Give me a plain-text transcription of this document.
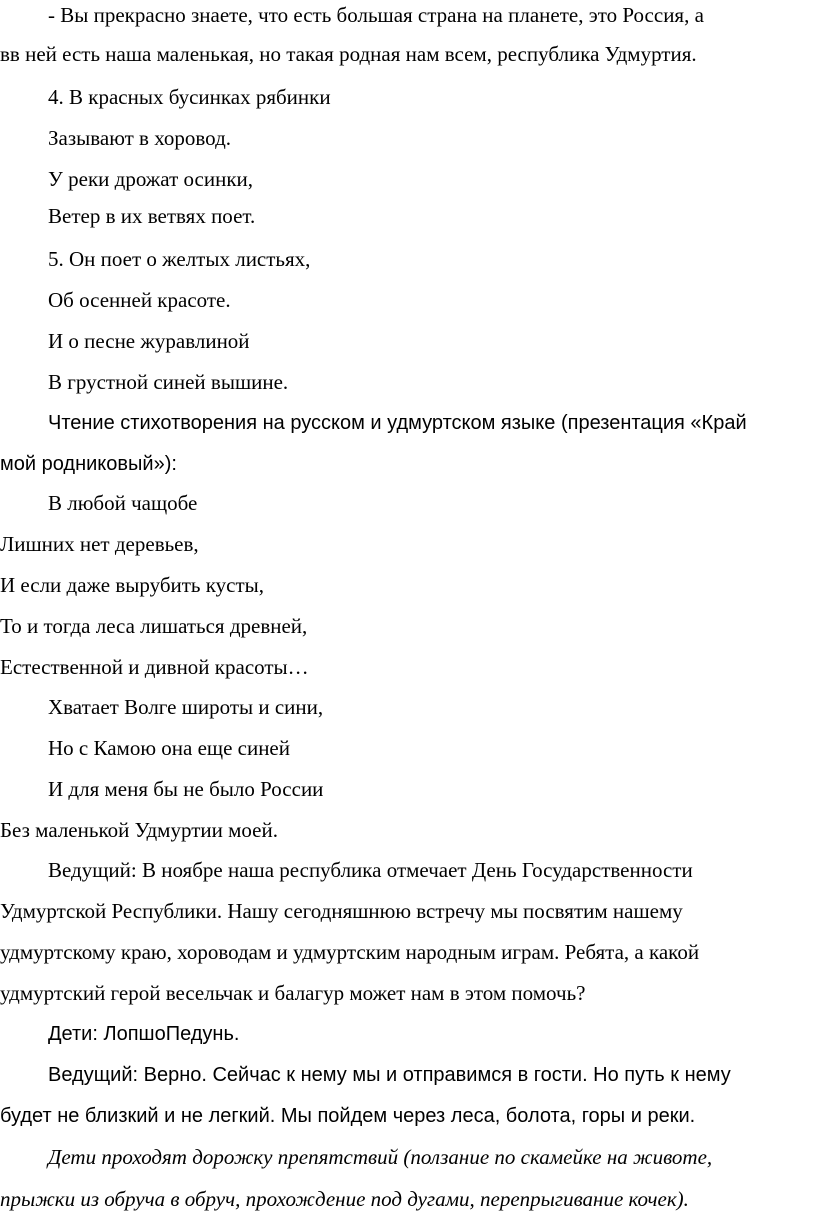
- Вы прекрасно знаете, что есть большая страна на планете, это Россия, а
вв ней есть наша маленькая, но такая родная нам всем, республика Удмуртия.
4. В красных бусинках рябинки
Зазывают в хоровод.
У реки дрожат осинки,
Ветер в их ветвях поет.
5. Он поет о желтых листьях,
Об осенней красоте.
И о песне журавлиной
В грустной синей вышине.
Чтение стихотворения на русском и удмуртском языке (презентация «Край
мой родниковый»):
В любой чащобе
Лишних нет деревьев,
И если даже вырубить кусты,
То и тогда леса лишаться древней,
Естественной и дивной красоты…
Хватает Волге широты и сини,
Но с Камою она еще синей
И для меня бы не было России
Без маленькой Удмуртии моей.
Ведущий: В ноябре наша республика отмечает День Государственности
Удмуртской Республики. Нашу сегодняшнюю встречу мы посвятим нашему
удмуртскому краю, хороводам и удмуртским народным играм. Ребята, а какой
удмуртский герой весельчак и балагур может нам в этом помочь?
Дети: ЛопшоПедунь.
Ведущий: Верно. Сейчас к нему мы и отправимся в гости. Но путь к нему
будет не близкий и не легкий. Мы пойдем через леса, болота, горы и реки.
Дети проходят дорожку препятствий (ползание по скамейке на животе,
прыжки из обруча в обруч, прохождение под дугами, перепрыгивание кочек).
